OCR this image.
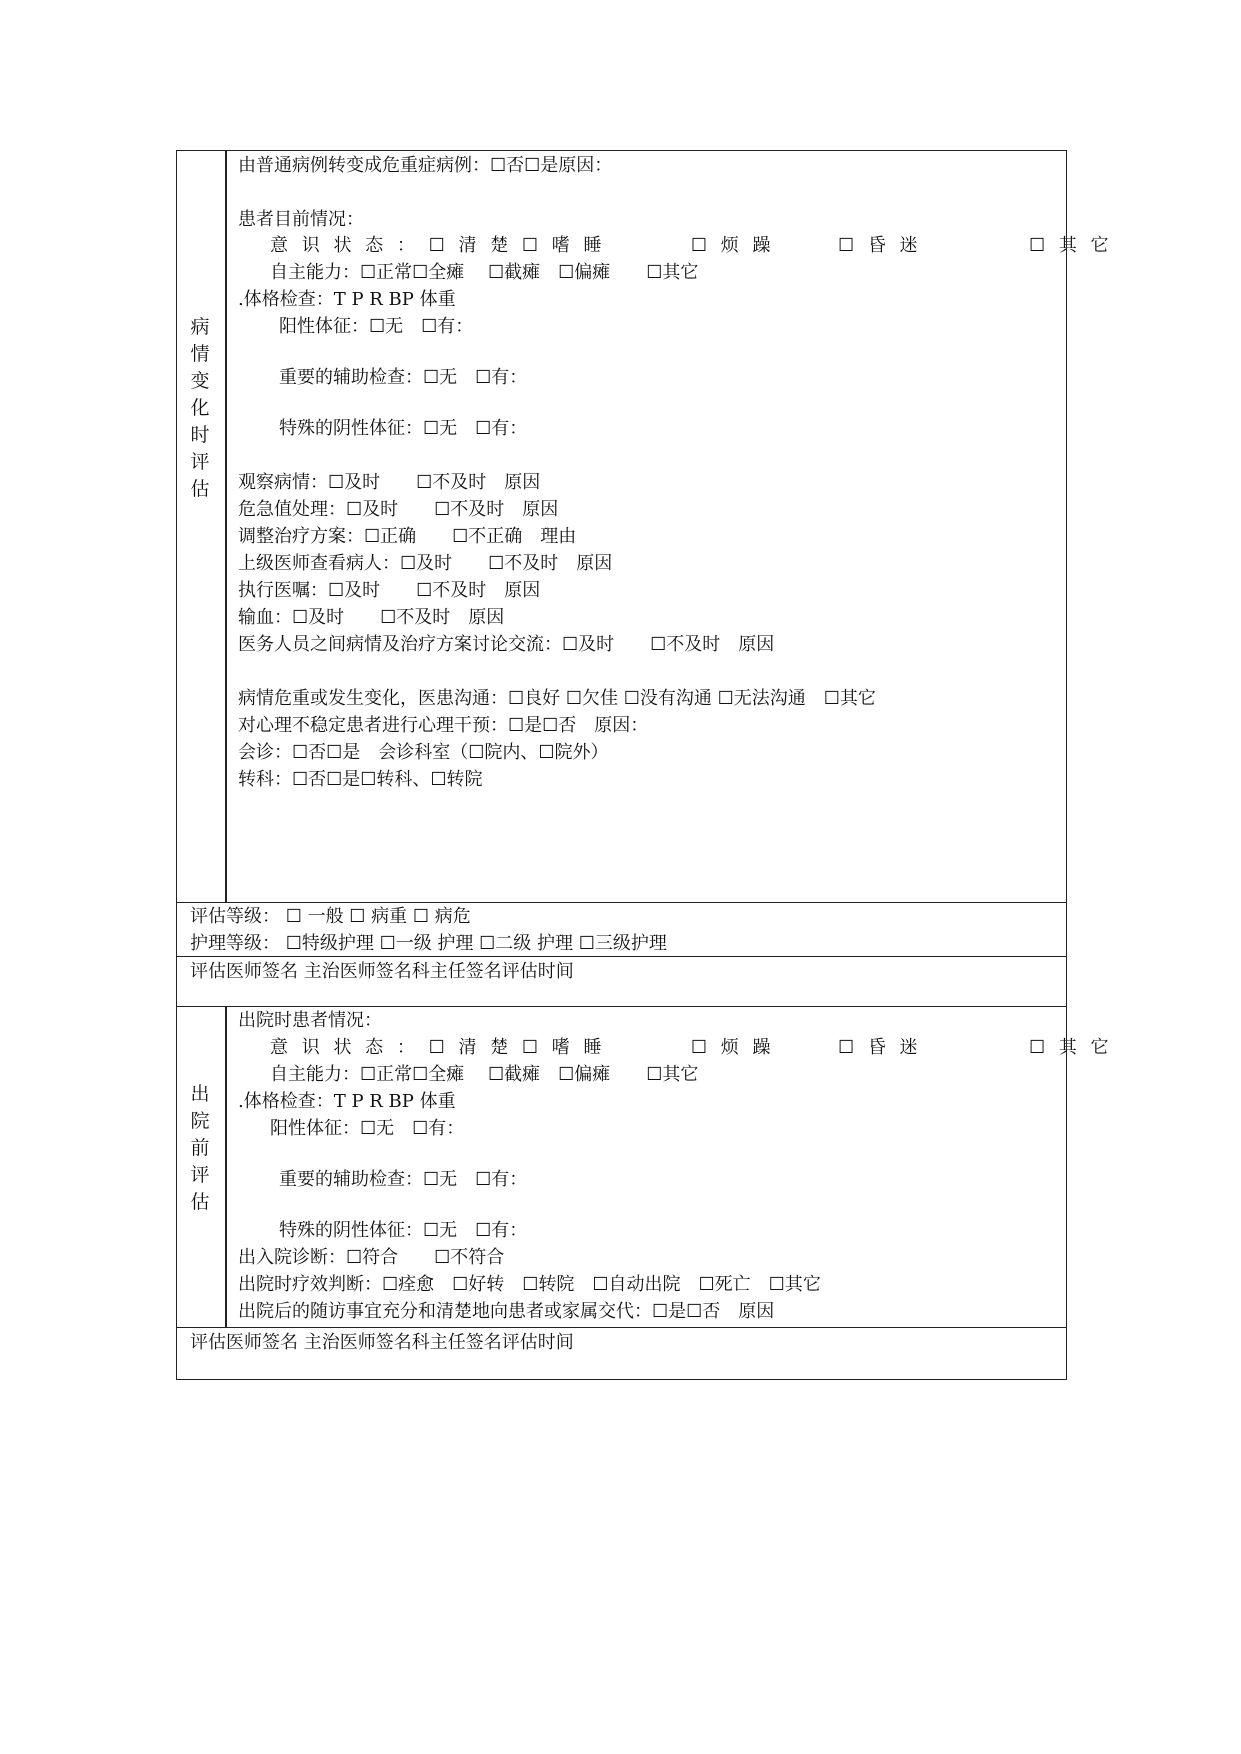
病
情
变
化
时
评
估
由普通病例转变成危重症病例：☐否☐是原因：
患者目前情况：
意 识 状 态 ： ☐ 清 楚 ☐ 嗜 睡 　　　 ☐ 烦 躁 　　 ☐ 昏 迷 　　　　 ☐ 其 它
自主能力：☐正常☐全瘫　 ☐截瘫　☐偏瘫　　☐其它
.体格检查：T P R BP 体重
阳性体征：☐无　☐有：
重要的辅助检查：☐无　☐有：
特殊的阴性体征：☐无　☐有：
观察病情：☐及时　　☐不及时　原因
危急值处理：☐及时　　☐不及时　原因
调整治疗方案：☐正确　　☐不正确　理由
上级医师查看病人：☐及时　　☐不及时　原因
执行医嘱：☐及时　　☐不及时　原因
输血：☐及时　　☐不及时　原因
医务人员之间病情及治疗方案讨论交流：☐及时　　☐不及时　原因
病情危重或发生变化，医患沟通：☐良好 ☐欠佳 ☐没有沟通 ☐无法沟通　☐其它
对心理不稳定患者进行心理干预：☐是☐否　原因：
会诊：☐否☐是　会诊科室（☐院内、☐院外）
转科：☐否☐是☐转科、☐转院
评估等级： ☐ 一般 ☐ 病重 ☐ 病危
护理等级： ☐特级护理 ☐一级 护理 ☐二级 护理 ☐三级护理
评估医师签名 主治医师签名科主任签名评估时间
出
院
前
评
估
出院时患者情况：
意 识 状 态 ： ☐ 清 楚 ☐ 嗜 睡 　　　 ☐ 烦 躁 　　 ☐ 昏 迷 　　　　 ☐ 其 它
自主能力：☐正常☐全瘫　 ☐截瘫　☐偏瘫　　☐其它
.体格检查：T P R BP 体重
阳性体征：☐无　☐有：
重要的辅助检查：☐无　☐有：
特殊的阴性体征：☐无　☐有：
出入院诊断：☐符合　　☐不符合
出院时疗效判断：☐痊愈　☐好转　☐转院　☐自动出院　☐死亡　☐其它
出院后的随访事宜充分和清楚地向患者或家属交代：☐是☐否　原因
评估医师签名 主治医师签名科主任签名评估时间
